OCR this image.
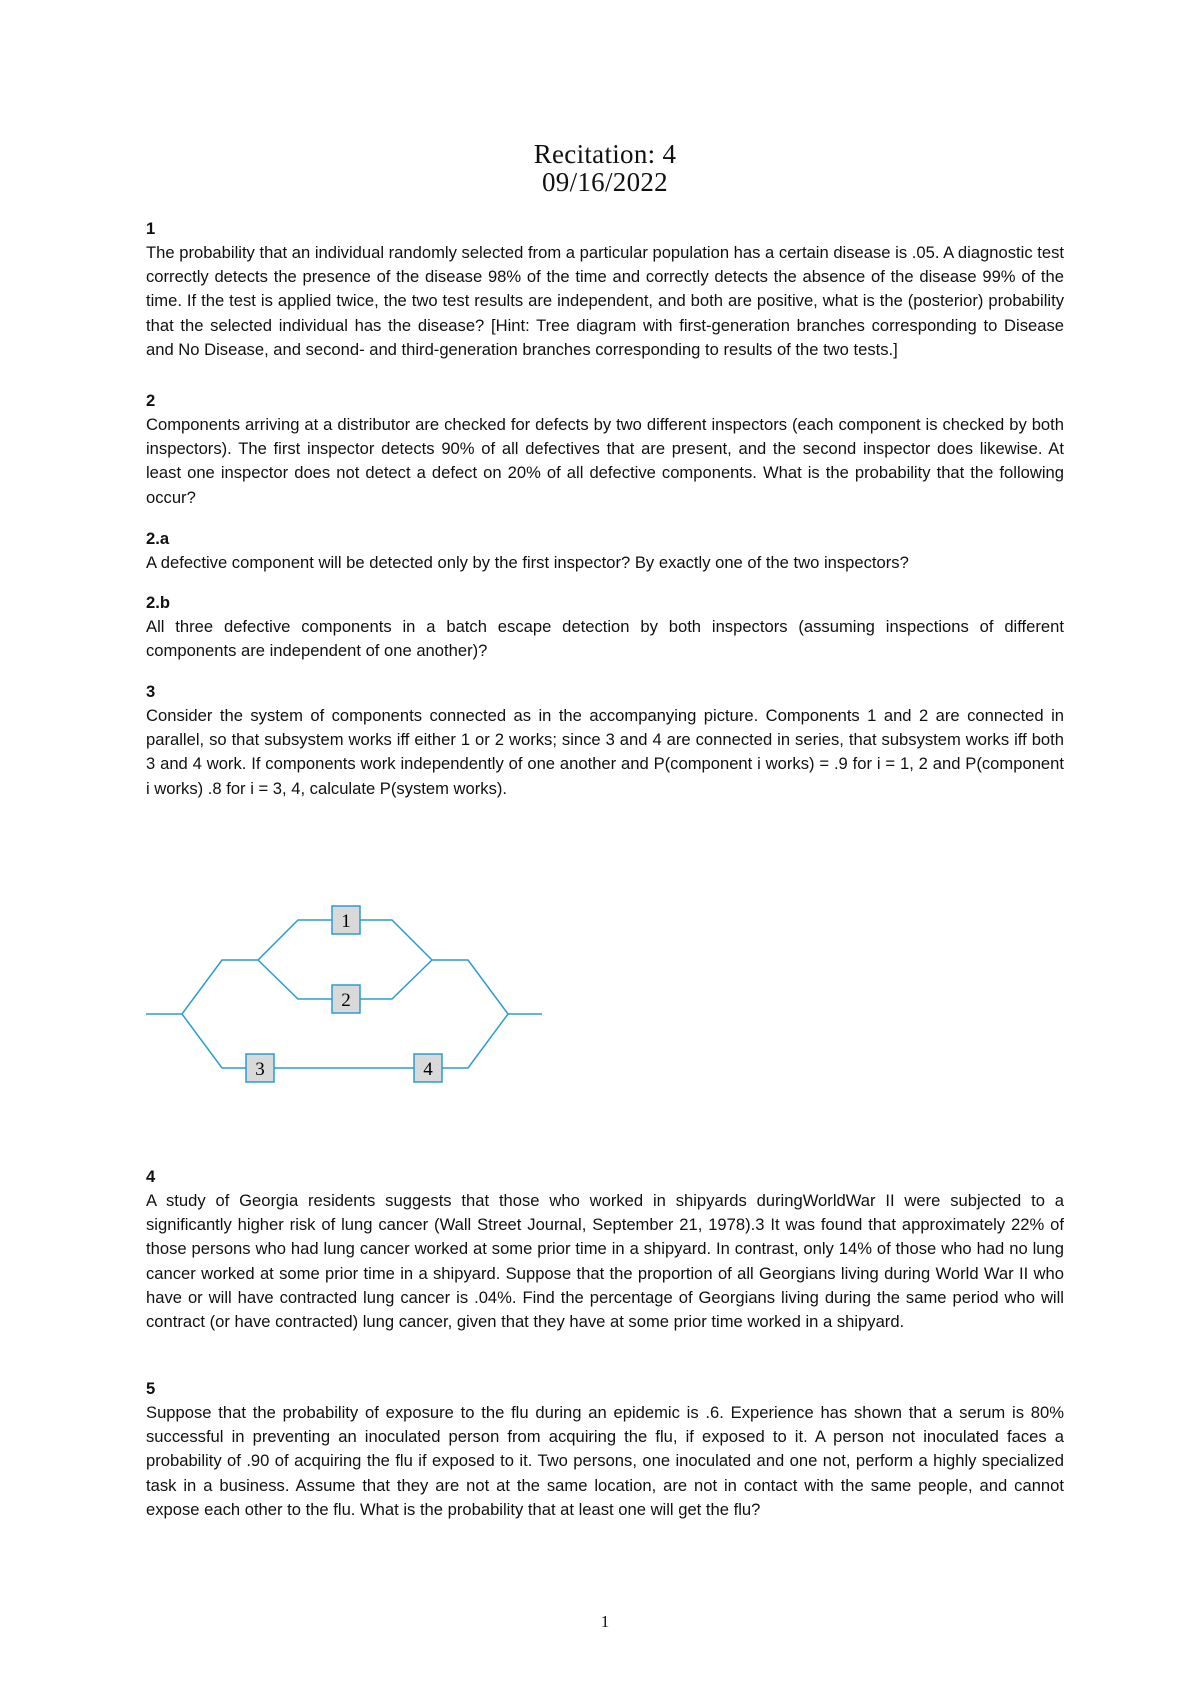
Recitation: 4
09/16/2022
1

The probability that an individual randomly selected from a particular population has a certain disease is .05. A diagnostic test correctly detects the presence of the disease 98% of the time and correctly detects the absence of the disease 99% of the time. If the test is applied twice, the two test results are independent, and both are positive, what is the (posterior) probability that the selected individual has the disease? [Hint: Tree diagram with first-generation branches corresponding to Disease and No Disease, and second- and third-generation branches corresponding to results of the two tests.]

2

Components arriving at a distributor are checked for defects by two different inspectors (each component is checked by both inspectors). The first inspector detects 90% of all defectives that are present, and the second inspector does likewise. At least one inspector does not detect a defect on 20% of all defective components. What is the probability that the following occur?

2.a

A defective component will be detected only by the first inspector? By exactly one of the two inspectors?

2.b

All three defective components in a batch escape detection by both inspectors (assuming inspections of different components are independent of one another)?

3

Consider the system of components connected as in the accompanying picture. Components 1 and 2 are connected in parallel, so that subsystem works iff either 1 or 2 works; since 3 and 4 are connected in series, that subsystem works iff both 3 and 4 work. If components work independently of one another and P(component i works) = .9 for i = 1, 2 and P(component i works) .8 for i = 3, 4, calculate P(system works).

1
2
3	4
4

A study of Georgia residents suggests that those who worked in shipyards duringWorldWar II were subjected to a significantly higher risk of lung cancer (Wall Street Journal, September 21, 1978).3 It was found that approximately 22% of those persons who had lung cancer worked at some prior time in a shipyard. In contrast, only 14% of those who had no lung cancer worked at some prior time in a shipyard. Suppose that the proportion of all Georgians living during World War II who have or will have contracted lung cancer is .04%. Find the percentage of Georgians living during the same period who will contract (or have contracted) lung cancer, given that they have at some prior time worked in a shipyard.

5

Suppose that the probability of exposure to the flu during an epidemic is .6. Experience has shown that a serum is 80% successful in preventing an inoculated person from acquiring the flu, if exposed to it. A person not inoculated faces a probability of .90 of acquiring the flu if exposed to it. Two persons, one inoculated and one not, perform a highly specialized task in a business. Assume that they are not at the same location, are not in contact with the same people, and cannot expose each other to the flu. What is the probability that at least one will get the flu?

1
